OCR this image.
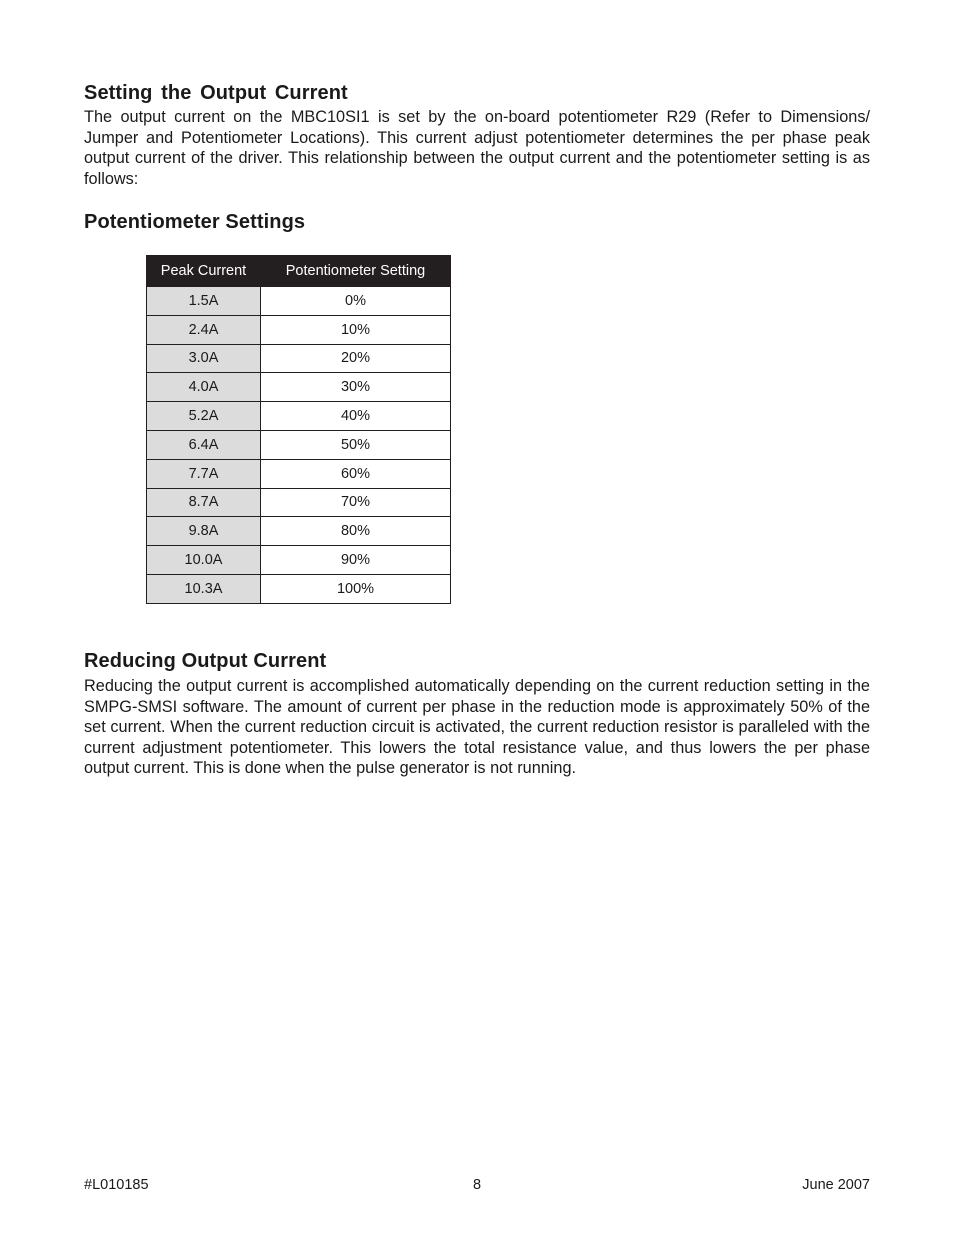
Setting the Output Current

The output current on the MBC10SI1 is set by the on-board potentiometer R29 (Refer to Dimensions/ Jumper and Potentiometer Locations). This current adjust potentiometer determines the per phase peak output current of the driver. This relationship between the output current and the potentiometer setting is as follows:

Potentiometer Settings
Peak Current	Potentiometer Setting
1.5A	0%
2.4A	10%
3.0A	20%
4.0A	30%
5.2A	40%
6.4A	50%
7.7A	60%
8.7A	70%
9.8A	80%
10.0A	90%
10.3A	100%
Reducing Output Current

Reducing the output current is accomplished automatically depending on the current reduction setting in the SMPG-SMSI software. The amount of current per phase in the reduction mode is approximately 50% of the set current. When the current reduction circuit is activated, the current reduction resistor is paralleled with the current adjustment potentiometer. This lowers the total resistance value, and thus lowers the per phase output current. This is done when the pulse generator is not running.

#L010185	8	June 2007
